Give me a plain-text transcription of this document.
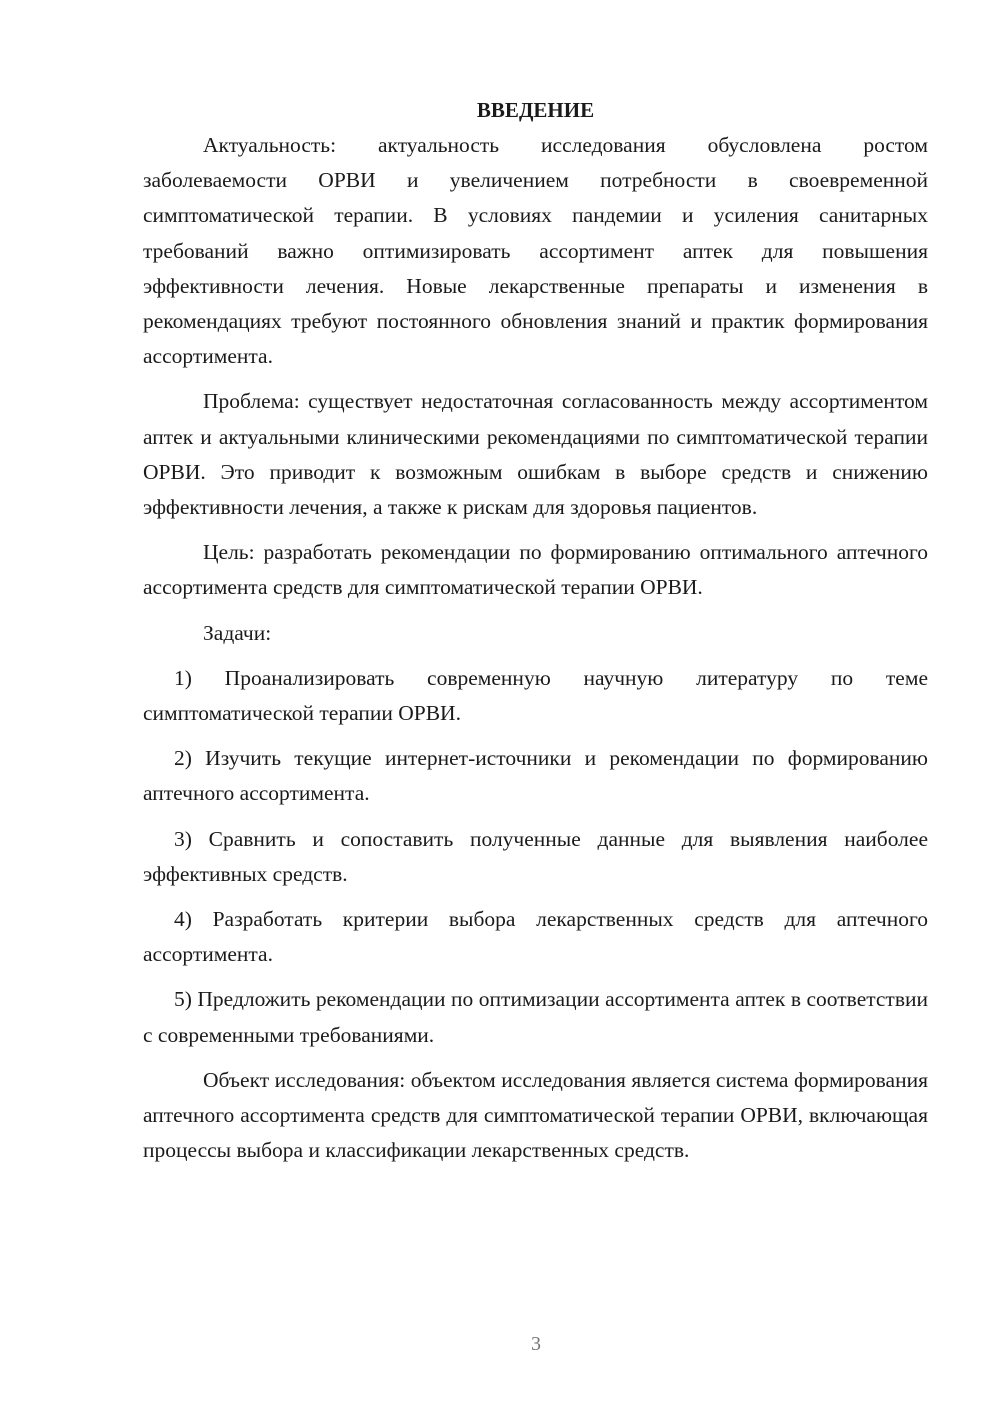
ВВЕДЕНИЕ

Актуальность: актуальность исследования обусловлена ростом заболеваемости ОРВИ и увеличением потребности в своевременной симптоматической терапии. В условиях пандемии и усиления санитарных требований важно оптимизировать ассортимент аптек для повышения эффективности лечения. Новые лекарственные препараты и изменения в рекомендациях требуют постоянного обновления знаний и практик формирования ассортимента.

Проблема: существует недостаточная согласованность между ассортиментом аптек и актуальными клиническими рекомендациями по симптоматической терапии ОРВИ. Это приводит к возможным ошибкам в выборе средств и снижению эффективности лечения, а также к рискам для здоровья пациентов.

Цель: разработать рекомендации по формированию оптимального аптечного ассортимента средств для симптоматической терапии ОРВИ.

Задачи:

1) Проанализировать современную научную литературу по теме симптоматической терапии ОРВИ.

2) Изучить текущие интернет-источники и рекомендации по формированию аптечного ассортимента.

3) Сравнить и сопоставить полученные данные для выявления наиболее эффективных средств.

4) Разработать критерии выбора лекарственных средств для аптечного ассортимента.

5) Предложить рекомендации по оптимизации ассортимента аптек в соответствии с современными требованиями.

Объект исследования: объектом исследования является система формирования аптечного ассортимента средств для симптоматической терапии ОРВИ, включающая процессы выбора и классификации лекарственных средств.

3
